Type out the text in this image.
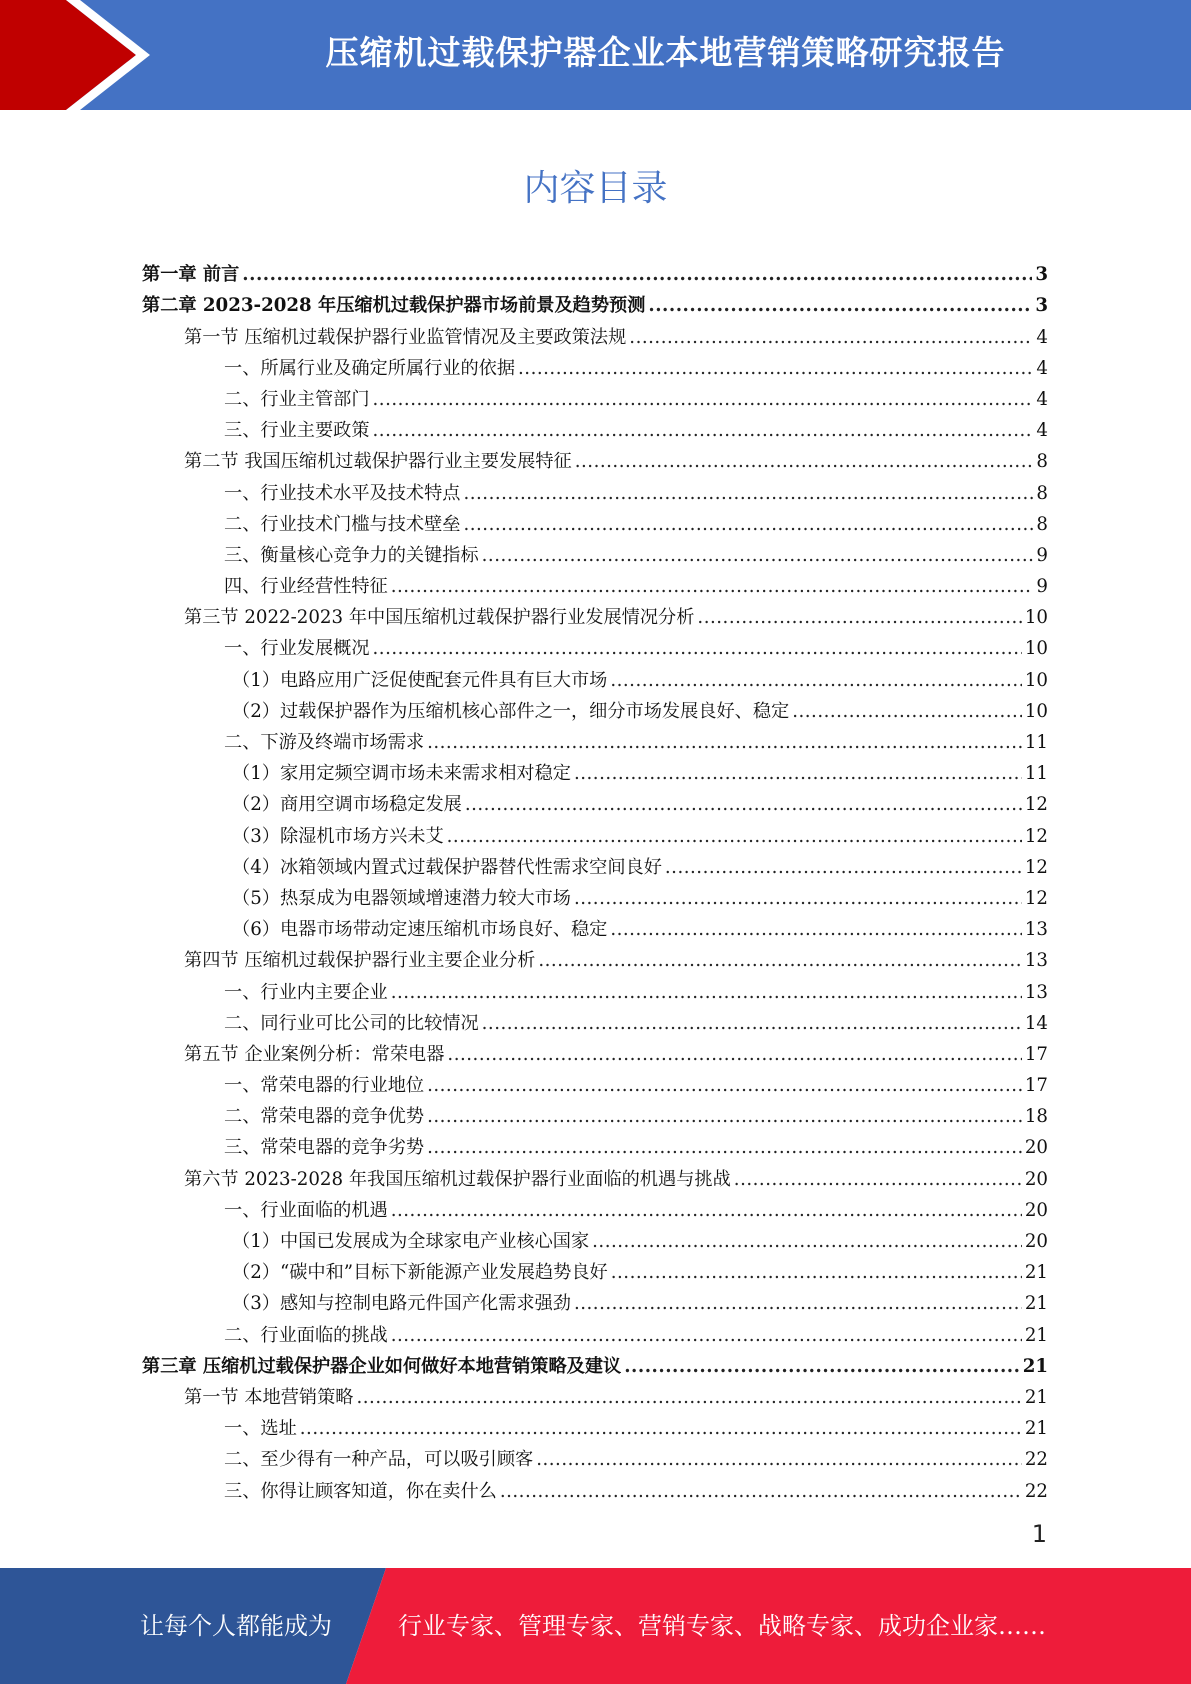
压缩机过载保护器企业本地营销策略研究报告
内容目录
第一章 前言 .....	3
第二章 2023-2028 年压缩机过载保护器市场前景及趋势预测 .....	3
第一节 压缩机过载保护器行业监管情况及主要政策法规 .....	4
一、所属行业及确定所属行业的依据 .....	4
二、行业主管部门 .....	4
三、行业主要政策 .....	4
第二节 我国压缩机过载保护器行业主要发展特征 .....	8
一、行业技术水平及技术特点 .....	8
二、行业技术门槛与技术壁垒 .....	8
三、衡量核心竞争力的关键指标 .....	9
四、行业经营性特征 .....	9
第三节 2022-2023 年中国压缩机过载保护器行业发展情况分析 .....	10
一、行业发展概况 .....	10
（1）电路应用广泛促使配套元件具有巨大市场 .....	10
（2）过载保护器作为压缩机核心部件之一，细分市场发展良好、稳定 .....	10
二、下游及终端市场需求 .....	11
（1）家用定频空调市场未来需求相对稳定 .....	11
（2）商用空调市场稳定发展 .....	12
（3）除湿机市场方兴未艾 .....	12
（4）冰箱领域内置式过载保护器替代性需求空间良好 .....	12
（5）热泵成为电器领域增速潜力较大市场 .....	12
（6）电器市场带动定速压缩机市场良好、稳定 .....	13
第四节 压缩机过载保护器行业主要企业分析 .....	13
一、行业内主要企业 .....	13
二、同行业可比公司的比较情况 .....	14
第五节 企业案例分析：常荣电器 .....	17
一、常荣电器的行业地位 .....	17
二、常荣电器的竞争优势 .....	18
三、常荣电器的竞争劣势 .....	20
第六节 2023-2028 年我国压缩机过载保护器行业面临的机遇与挑战 .....	20
一、行业面临的机遇 .....	20
（1）中国已发展成为全球家电产业核心国家 .....	20
（2）“碳中和”目标下新能源产业发展趋势良好 .....	21
（3）感知与控制电路元件国产化需求强劲 .....	21
二、行业面临的挑战 .....	21
第三章 压缩机过载保护器企业如何做好本地营销策略及建议 .....	21
第一节 本地营销策略 .....	21
一、选址 .....	21
二、至少得有一种产品，可以吸引顾客 .....	22
三、你得让顾客知道，你在卖什么 .....	22
1
让每个人都能成为	行业专家、管理专家、营销专家、战略专家、成功企业家……
